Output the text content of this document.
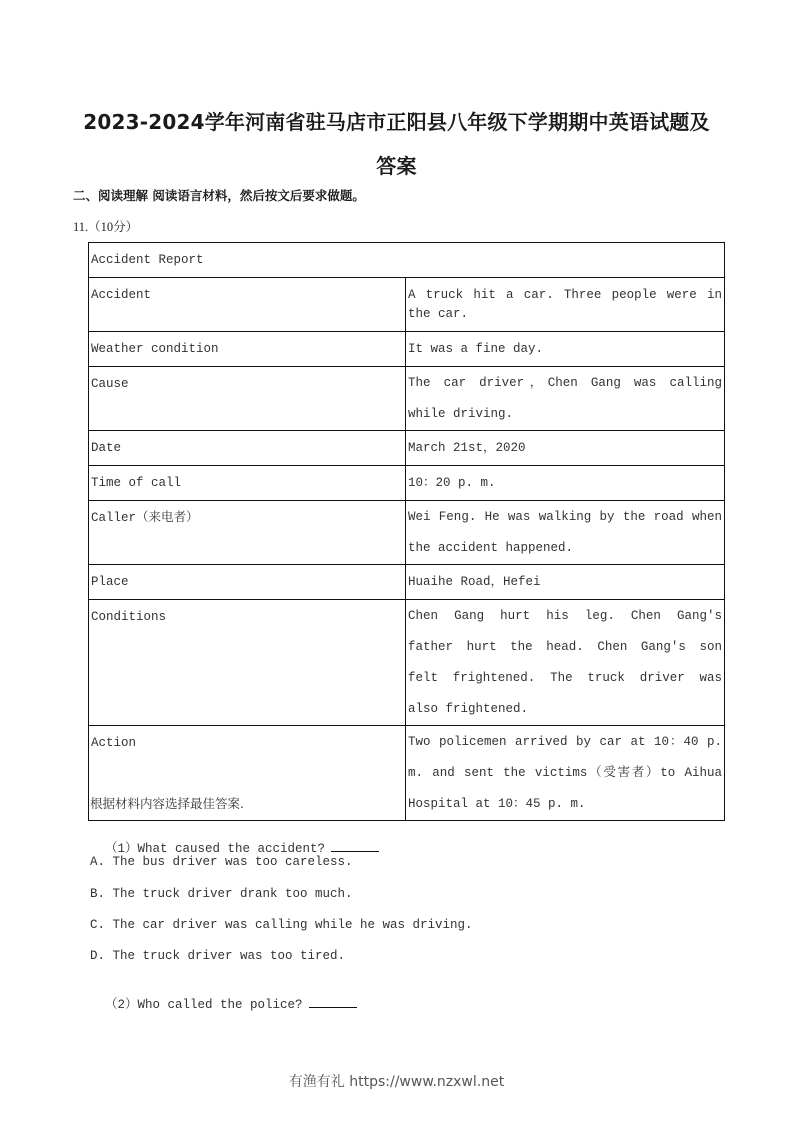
2023-2024学年河南省驻马店市正阳县八年级下学期期中英语试题及
答案
二、阅读理解 阅读语言材料，然后按文后要求做题。
11.（10分）
Accident Report	
Accident	A truck hit a car. Three people were in the car.

Weather condition	It was a fine day.

Cause	The car driver，Chen Gang was calling while driving.

Date	March 21st，2020

Time of call	10：20 p. m.

Caller（来电者）	Wei Feng. He was walking by the road when the accident happened.

Place	Huaihe Road，Hefei

Conditions	Chen Gang hurt his leg. Chen Gang's father hurt the head. Chen Gang's son felt frightened. The truck driver was also frightened.

Action	Two policemen arrived by car at 10：40 p. m. and sent the victims（受害者）to Aihua Hospital at 10：45 p. m.
根据材料内容选择最佳答案.

（1）What caused the accident?

A. The bus driver was too careless.
B. The truck driver drank too much.
C. The car driver was calling while he was driving.
D. The truck driver was too tired.

（2）Who called the police?

有渔有礼 https://www.nzxwl.net
